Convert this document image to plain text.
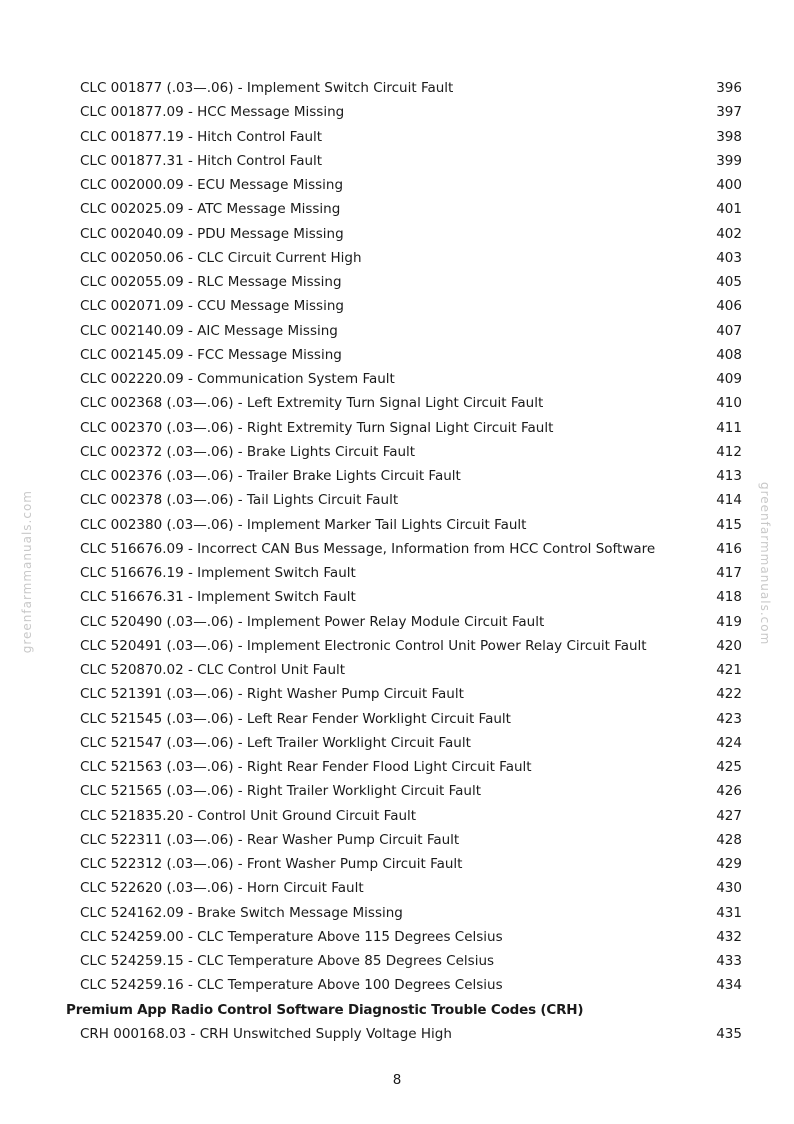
greenfarmmanuals.com	greenfarmmanuals.com
CLC 001877 (.03—.06) - Implement Switch Circuit Fault	396
CLC 001877.09 - HCC Message Missing	397
CLC 001877.19 - Hitch Control Fault	398
CLC 001877.31 - Hitch Control Fault	399
CLC 002000.09 - ECU Message Missing	400
CLC 002025.09 - ATC Message Missing	401
CLC 002040.09 - PDU Message Missing	402
CLC 002050.06 - CLC Circuit Current High	403
CLC 002055.09 - RLC Message Missing	405
CLC 002071.09 - CCU Message Missing	406
CLC 002140.09 - AIC Message Missing	407
CLC 002145.09 - FCC Message Missing	408
CLC 002220.09 - Communication System Fault	409
CLC 002368 (.03—.06) - Left Extremity Turn Signal Light Circuit Fault	410
CLC 002370 (.03—.06) - Right Extremity Turn Signal Light Circuit Fault	411
CLC 002372 (.03—.06) - Brake Lights Circuit Fault	412
CLC 002376 (.03—.06) - Trailer Brake Lights Circuit Fault	413
CLC 002378 (.03—.06) - Tail Lights Circuit Fault	414
CLC 002380 (.03—.06) - Implement Marker Tail Lights Circuit Fault	415
CLC 516676.09 - Incorrect CAN Bus Message, Information from HCC Control Software	416
CLC 516676.19 - Implement Switch Fault	417
CLC 516676.31 - Implement Switch Fault	418
CLC 520490 (.03—.06) - Implement Power Relay Module Circuit Fault	419
CLC 520491 (.03—.06) - Implement Electronic Control Unit Power Relay Circuit Fault	420
CLC 520870.02 - CLC Control Unit Fault	421
CLC 521391 (.03—.06) - Right Washer Pump Circuit Fault	422
CLC 521545 (.03—.06) - Left Rear Fender Worklight Circuit Fault	423
CLC 521547 (.03—.06) - Left Trailer Worklight Circuit Fault	424
CLC 521563 (.03—.06) - Right Rear Fender Flood Light Circuit Fault	425
CLC 521565 (.03—.06) - Right Trailer Worklight Circuit Fault	426
CLC 521835.20 - Control Unit Ground Circuit Fault	427
CLC 522311 (.03—.06) - Rear Washer Pump Circuit Fault	428
CLC 522312 (.03—.06) - Front Washer Pump Circuit Fault	429
CLC 522620 (.03—.06) - Horn Circuit Fault	430
CLC 524162.09 - Brake Switch Message Missing	431
CLC 524259.00 - CLC Temperature Above 115 Degrees Celsius	432
CLC 524259.15 - CLC Temperature Above 85 Degrees Celsius	433
CLC 524259.16 - CLC Temperature Above 100 Degrees Celsius	434
Premium App Radio Control Software Diagnostic Trouble Codes (CRH)
CRH 000168.03 - CRH Unswitched Supply Voltage High	435
8
